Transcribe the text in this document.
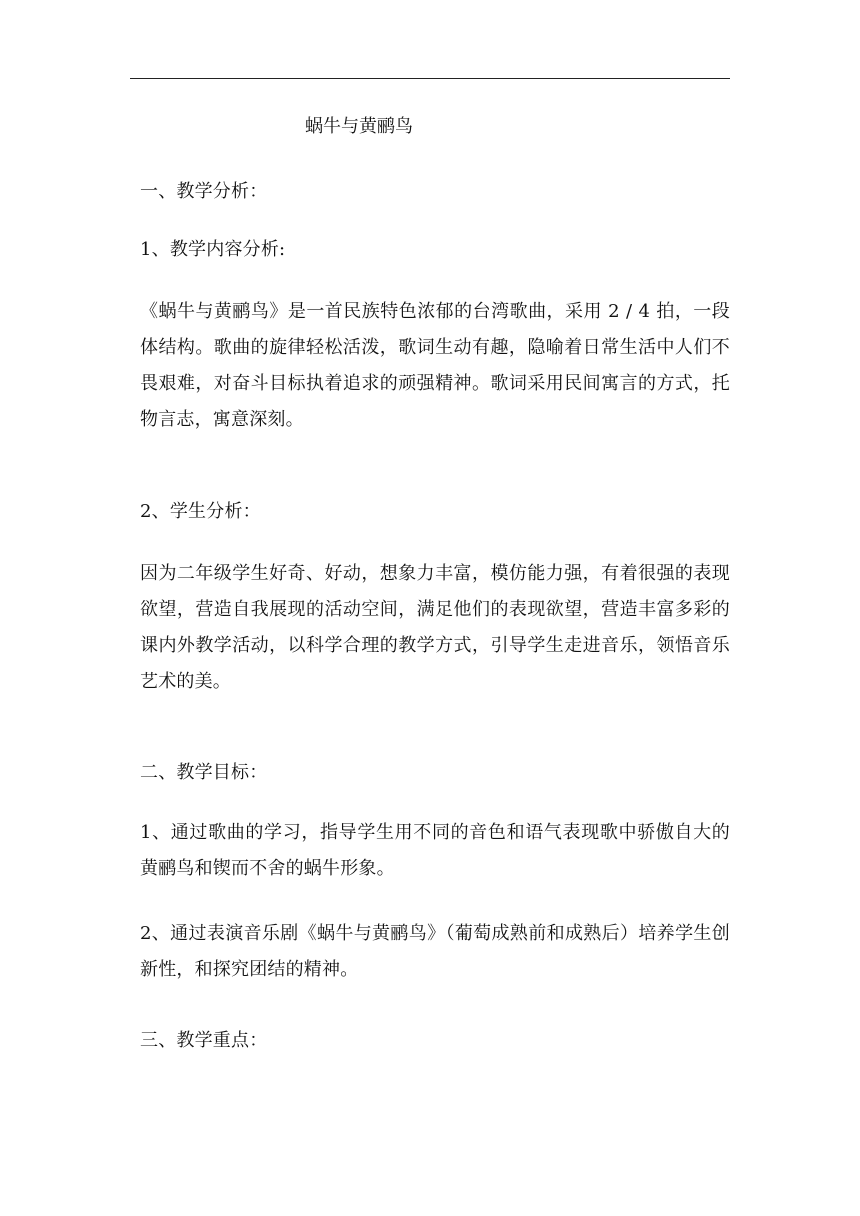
蜗牛与黄鹂鸟

一、教学分析：

1、教学内容分析:

《蜗牛与黄鹂鸟》是一首民族特色浓郁的台湾歌曲，采用 2 / 4 拍，一段体结构。歌曲的旋律轻松活泼，歌词生动有趣，隐喻着日常生活中人们不畏艰难，对奋斗目标执着追求的顽强精神。歌词采用民间寓言的方式，托物言志，寓意深刻。

2、学生分析：

因为二年级学生好奇、好动，想象力丰富，模仿能力强，有着很强的表现欲望，营造自我展现的活动空间，满足他们的表现欲望，营造丰富多彩的课内外教学活动，以科学合理的教学方式，引导学生走进音乐，领悟音乐艺术的美。

二、教学目标：

1、通过歌曲的学习，指导学生用不同的音色和语气表现歌中骄傲自大的黄鹂鸟和锲而不舍的蜗牛形象。

2、通过表演音乐剧《蜗牛与黄鹂鸟》（葡萄成熟前和成熟后）培养学生创新性，和探究团结的精神。

三、教学重点：
